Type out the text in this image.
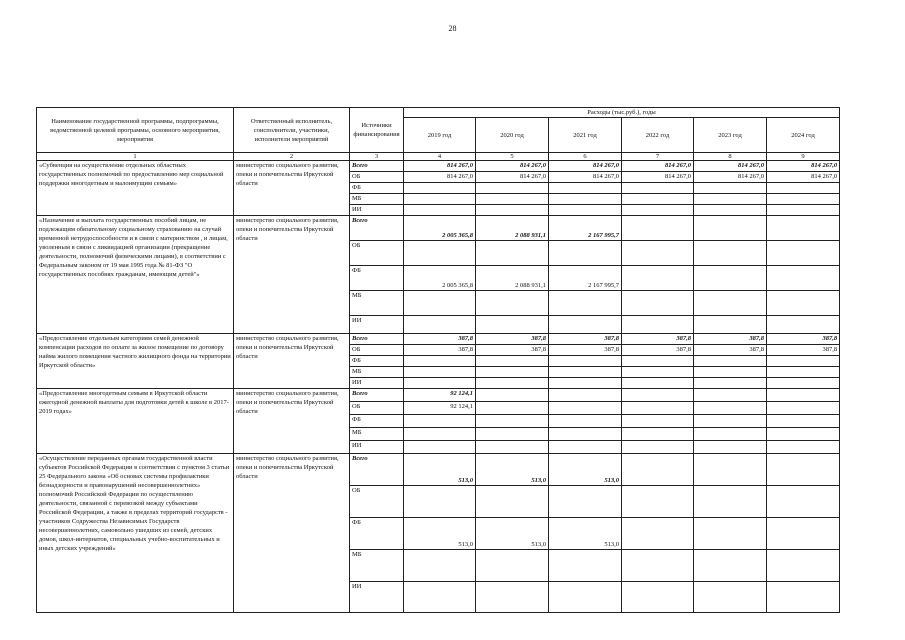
28
Наименование государственной программы, подпрограммы, ведомственной целевой программы, основного мероприятия, мероприятия	Ответственный исполнитель, соисполнители, участники, исполнители мероприятий	Источники финансирования	Расходы (тыс.руб.), годы					
			2019 год	2020 год	2021 год	2022 год	2023 год	2024 год
1	2	3	4	5	6	7	8	9
«Субвенция на осуществление отдельных областных государственных полномочий по предоставлению мер социальной поддержки многодетным и малоимущим семьям»	министерство социального развития, опеки и попечительства Иркутской области	Всего	814 267,0	814 267,0	814 267,0	814 267,0	814 267,0	814 267,0
		ОБ	814 267,0	814 267,0	814 267,0	814 267,0	814 267,0	814 267,0
		ФБ						
		МБ						
		ИИ						
«Назначение и выплата государственных пособий лицам, не подлежащим обязательному социальному страхованию на случай временной нетрудоспособности и в связи с материнством , и лицам, уволенным в связи с ликвидацией организации (прекращение деятельности, полномочий физическими лицами), в соответствии с Федеральным законом от 19 мая 1995 года № 81-ФЗ "О государственных пособиях гражданам, имеющим детей"»	министерство социального развития, опеки и попечительства Иркутской области	Всего	2 005 365,8	2 088 931,1	2 167 995,7			
		ОБ						
		ФБ	2 005 365,8	2 088 931,1	2 167 995,7			
		МБ						
		ИИ						
«Предоставление отдельным категориям семей денежной компенсации расходов по оплате за жилое помещение по договору найма жилого помещения частного жилищного фонда на территории Иркутской области»	министерство социального развития, опеки и попечительства Иркутской области	Всего	387,8	387,8	387,8	387,8	387,8	387,8
		ОБ	387,8	387,8	387,8	387,8	387,8	387,8
		ФБ						
		МБ						
		ИИ						
«Предоставление многодетным семьям в Иркутской области ежегодной денежной выплаты для подготовки детей к школе в 2017-2019 годах»	министерство социального развития, опеки и попечительства Иркутской области	Всего	92 124,1					
		ОБ	92 124,1					
		ФБ						
		МБ						
		ИИ						
«Осуществление переданных органам государственной власти субъектов Российской Федерации в соответствии с пунктом 3 статьи 25 Федерального закона «Об основах системы профилактики безнадзорности и правонарушений несовершеннолетних» полномочий Российской Федерации по осуществлению деятельности, связанной с перевозкой между субъектами Российской Федерации, а также в пределах территорий государств - участников Содружества Независимых Государств несовершеннолетних, самовольно ушедших из семей, детских домов, школ-интернатов, специальных учебно-воспитательных и иных детских учреждений»	министерство социального развития, опеки и попечительства Иркутской области	Всего	513,0	513,0	513,0			
		ОБ						
		ФБ	513,0	513,0	513,0			
		МБ						
		ИИ						
